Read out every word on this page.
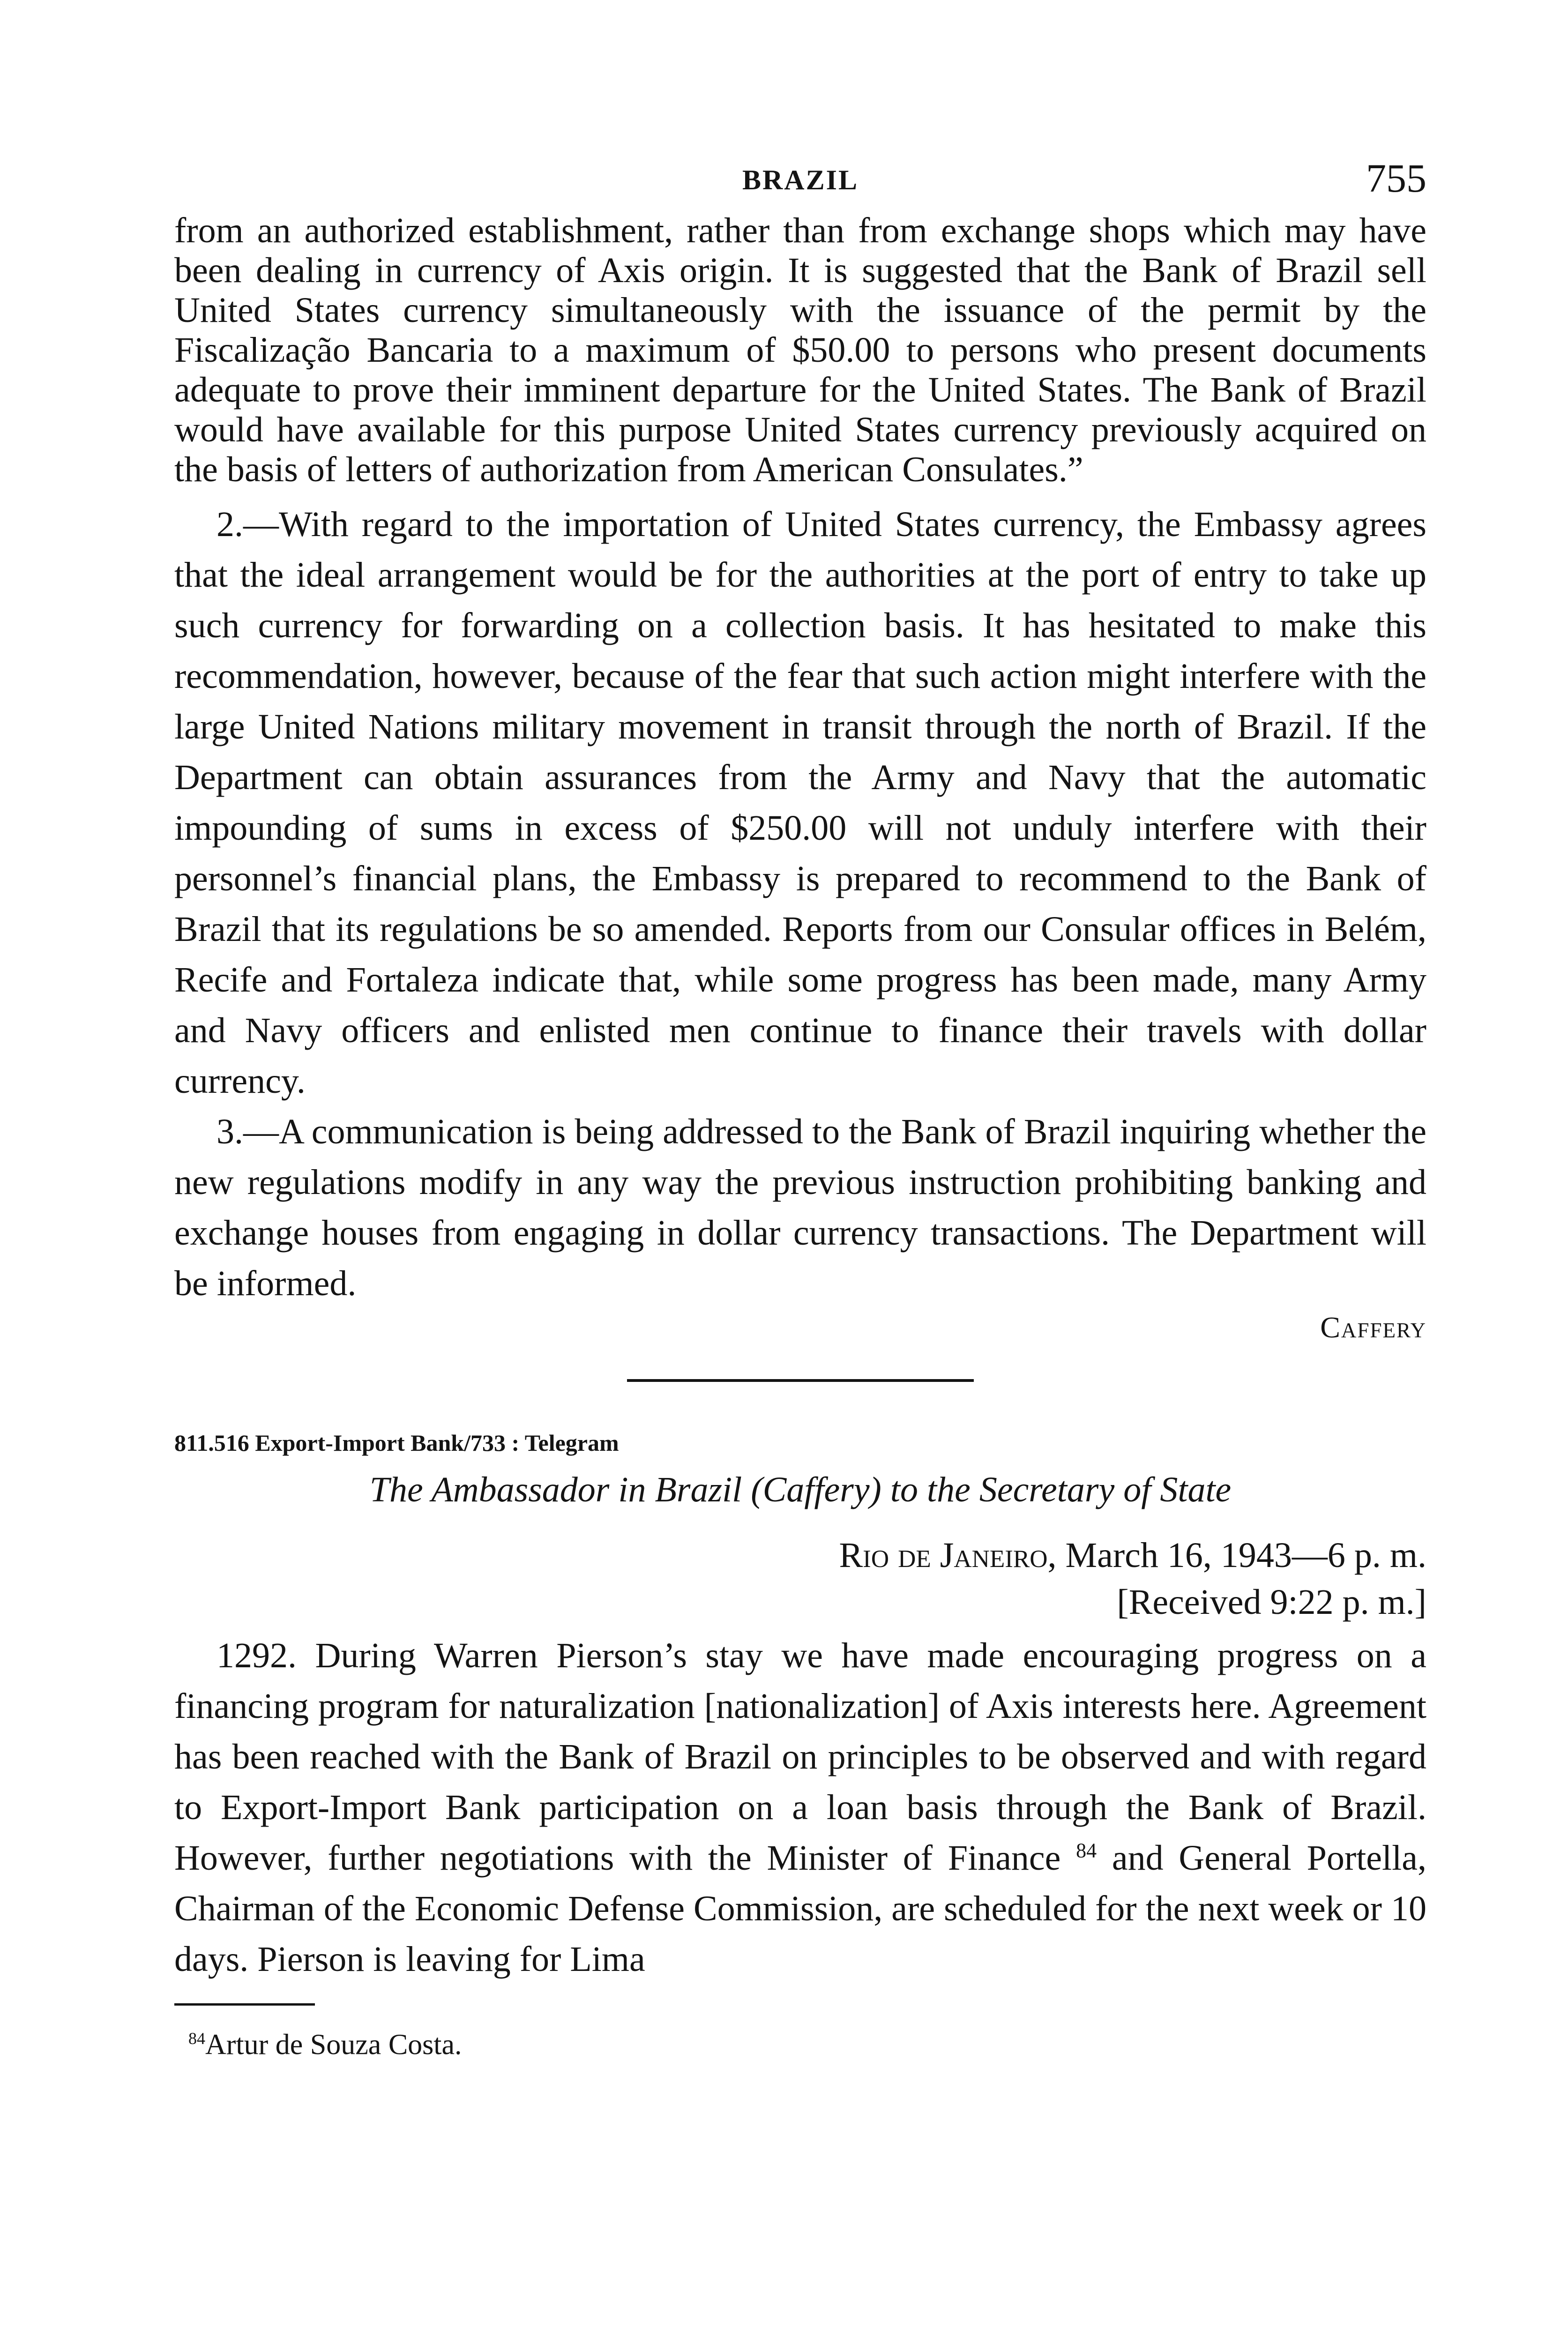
BRAZIL	755

from an authorized establishment, rather than from exchange shops which may have been dealing in currency of Axis origin. It is suggested that the Bank of Brazil sell United States currency simultaneously with the issuance of the permit by the Fiscalização Bancaria to a maximum of $50.00 to persons who present documents adequate to prove their imminent departure for the United States. The Bank of Brazil would have available for this purpose United States currency previously acquired on the basis of letters of authorization from American Consulates.”

2.—With regard to the importation of United States currency, the Embassy agrees that the ideal arrangement would be for the authorities at the port of entry to take up such currency for forwarding on a collection basis. It has hesitated to make this recommendation, however, because of the fear that such action might interfere with the large United Nations military movement in transit through the north of Brazil. If the Department can obtain assurances from the Army and Navy that the automatic impounding of sums in excess of $250.00 will not unduly interfere with their personnel’s financial plans, the Embassy is prepared to recommend to the Bank of Brazil that its regulations be so amended. Reports from our Consular offices in Belém, Recife and Fortaleza indicate that, while some progress has been made, many Army and Navy officers and enlisted men continue to finance their travels with dollar currency.

3.—A communication is being addressed to the Bank of Brazil inquiring whether the new regulations modify in any way the previous instruction prohibiting banking and exchange houses from engaging in dollar currency transactions. The Department will be informed.

Caffery
811.516 Export-Import Bank/733 : Telegram
The Ambassador in Brazil (Caffery) to the Secretary of State
Rio de Janeiro, March 16, 1943—6 p. m.
[Received 9:22 p. m.]

1292. During Warren Pierson’s stay we have made encouraging progress on a financing program for naturalization [nationalization] of Axis interests here. Agreement has been reached with the Bank of Brazil on principles to be observed and with regard to Export-Import Bank participation on a loan basis through the Bank of Brazil. However, further negotiations with the Minister of Finance $^{84}$ and General Portella, Chairman of the Economic Defense Commission, are scheduled for the next week or 10 days. Pierson is leaving for Lima

$^{84}$Artur de Souza Costa.
